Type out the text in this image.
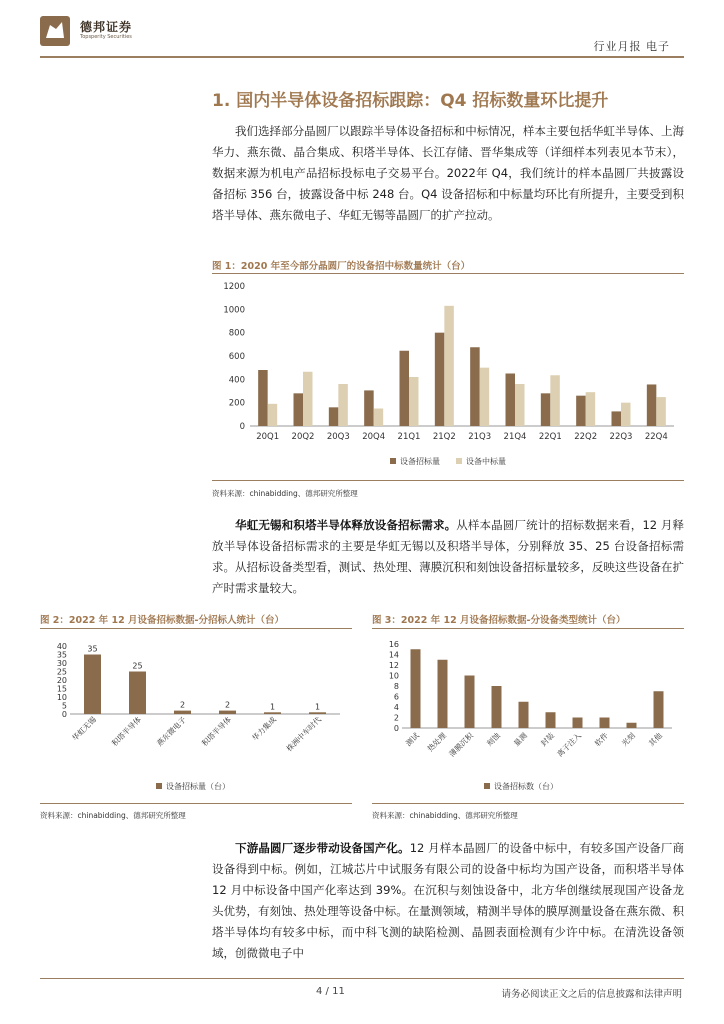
德邦证券
Topsperity Securities
行业月报 电子
1. 国内半导体设备招标跟踪：Q4 招标数量环比提升
我们选择部分晶圆厂以跟踪半导体设备招标和中标情况，样本主要包括华虹半导体、上海华力、燕东微、晶合集成、积塔半导体、长江存储、晋华集成等（详细样本列表见本节末），数据来源为机电产品招标投标电子交易平台。2022年 Q4，我们统计的样本晶圆厂共披露设备招标 356 台，披露设备中标 248 台。Q4 设备招标和中标量均环比有所提升，主要受到积塔半导体、燕东微电子、华虹无锡等晶圆厂的扩产拉动。
图 1：2020 年至今部分晶圆厂的设备招中标数量统计（台）
0
200
400
600
800
1000
1200
20Q1 20Q2 20Q3 20Q4 21Q1 21Q2 21Q3 21Q4 22Q1 22Q2 22Q3 22Q4
设备招标量	设备中标量
资料来源：chinabidding、德邦研究所整理
华虹无锡和积塔半导体释放设备招标需求。从样本晶圆厂统计的招标数据来看，12 月释放半导体设备招标需求的主要是华虹无锡以及积塔半导体，分别释放 35、25 台设备招标需求。从招标设备类型看，测试、热处理、薄膜沉积和刻蚀设备招标量较多，反映这些设备在扩产时需求量较大。
图 2：2022 年 12 月设备招标数据-分招标人统计（台）
0
5
10
15
20
25
30
35
40	35
华虹无锡
25
积塔半导体
2
燕东微电子
2
积塔半导体
1
华力集成
1
株洲中车时代
设备招标量（台）
资料来源：chinabidding、德邦研究所整理
图 3：2022 年 12 月设备招标数据-分设备类型统计（台）
0
2
4
6
8
10
12
14
16
测试 热处理 薄膜沉积 刻蚀 量测 封装 离子注入 软件 光刻 其他
设备招标数（台）
资料来源：chinabidding、德邦研究所整理
下游晶圆厂逐步带动设备国产化。12 月样本晶圆厂的设备中标中，有较多国产设备厂商设备得到中标。例如，江城芯片中试服务有限公司的设备中标均为国产设备，而积塔半导体 12 月中标设备中国产化率达到 39%。在沉积与刻蚀设备中，北方华创继续展现国产设备龙头优势，有刻蚀、热处理等设备中标。在量测领域，精测半导体的膜厚测量设备在燕东微、积塔半导体均有较多中标，而中科飞测的缺陷检测、晶圆表面检测有少许中标。在清洗设备领域，创微微电子中
4 / 11	请务必阅读正文之后的信息披露和法律声明
